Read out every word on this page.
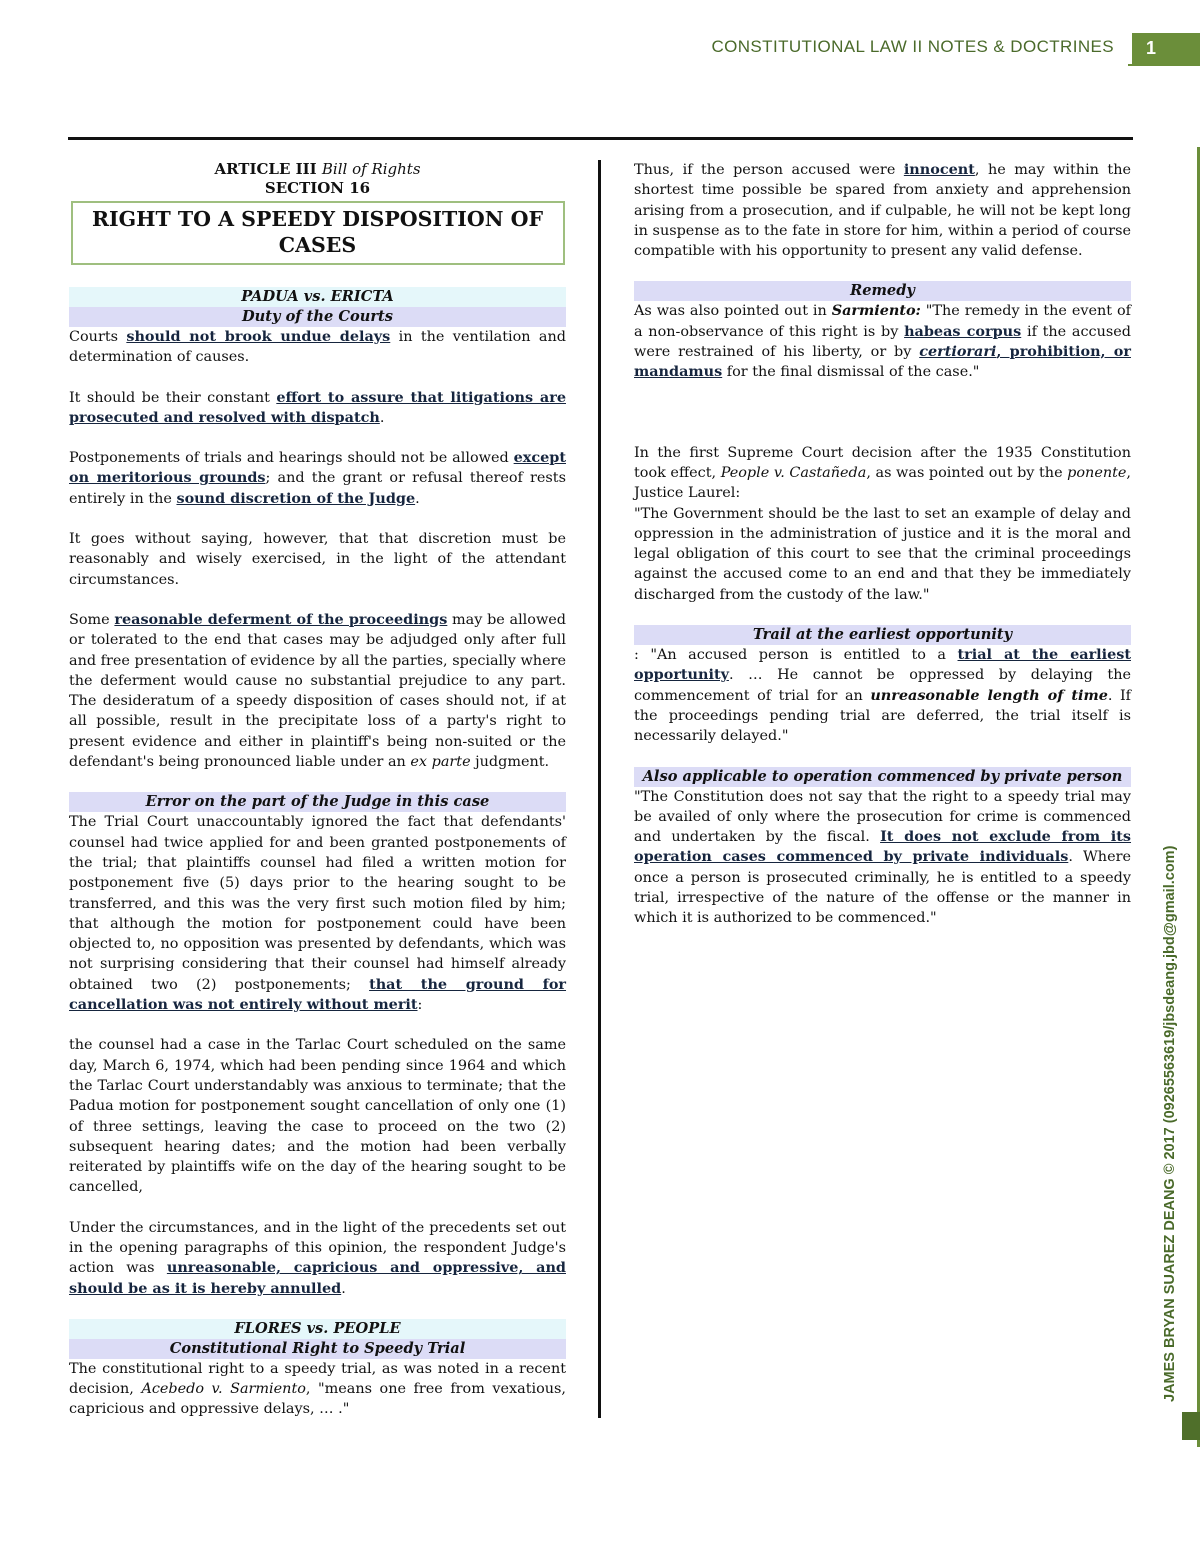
CONSTITUTIONAL LAW II NOTES & DOCTRINES	1
JAMES BRYAN SUAREZ DEANG © 2017 (09265563619/jbsdeang.jbd@gmail.com)
ARTICLE III Bill of Rights
SECTION 16
RIGHT TO A SPEEDY DISPOSITION OF CASES
PADUA vs. ERICTA
Duty of the Courts

Courts should not brook undue delays in the ventilation and determination of causes.

It should be their constant effort to assure that litigations are prosecuted and resolved with dispatch.

Postponements of trials and hearings should not be allowed except on meritorious grounds; and the grant or refusal thereof rests entirely in the sound discretion of the Judge.

It goes without saying, however, that that discretion must be reasonably and wisely exercised, in the light of the attendant circumstances.

Some reasonable deferment of the proceedings may be allowed or tolerated to the end that cases may be adjudged only after full and free presentation of evidence by all the parties, specially where the deferment would cause no substantial prejudice to any part. The desideratum of a speedy disposition of cases should not, if at all possible, result in the precipitate loss of a party's right to present evidence and either in plaintiff's being non-suited or the defendant's being pronounced liable under an ex parte judgment.

Error on the part of the Judge in this case

The Trial Court unaccountably ignored the fact that defendants' counsel had twice applied for and been granted postponements of the trial; that plaintiffs counsel had filed a written motion for postponement five (5) days prior to the hearing sought to be transferred, and this was the very first such motion filed by him; that although the motion for postponement could have been objected to, no opposition was presented by defendants, which was not surprising considering that their counsel had himself already obtained two (2) postponements; that the ground for cancellation was not entirely without merit:

the counsel had a case in the Tarlac Court scheduled on the same day, March 6, 1974, which had been pending since 1964 and which the Tarlac Court understandably was anxious to terminate; that the Padua motion for postponement sought cancellation of only one (1) of three settings, leaving the case to proceed on the two (2) subsequent hearing dates; and the motion had been verbally reiterated by plaintiffs wife on the day of the hearing sought to be cancelled,

Under the circumstances, and in the light of the precedents set out in the opening paragraphs of this opinion, the respondent Judge's action was unreasonable, capricious and oppressive, and should be as it is hereby annulled.

FLORES vs. PEOPLE
Constitutional Right to Speedy Trial

The constitutional right to a speedy trial, as was noted in a recent decision, Acebedo v. Sarmiento, "means one free from vexatious, capricious and oppressive delays, … ."

Thus, if the person accused were innocent, he may within the shortest time possible be spared from anxiety and apprehension arising from a prosecution, and if culpable, he will not be kept long in suspense as to the fate in store for him, within a period of course compatible with his opportunity to present any valid defense.

Remedy

As was also pointed out in Sarmiento: "The remedy in the event of a non-observance of this right is by habeas corpus if the accused were restrained of his liberty, or by certiorari, prohibition, or mandamus for the final dismissal of the case."

In the first Supreme Court decision after the 1935 Constitution took effect, People v. Castañeda, as was pointed out by the ponente, Justice Laurel:

"The Government should be the last to set an example of delay and oppression in the administration of justice and it is the moral and legal obligation of this court to see that the criminal proceedings against the accused come to an end and that they be immediately discharged from the custody of the law."

Trail at the earliest opportunity

: "An accused person is entitled to a trial at the earliest opportunity. … He cannot be oppressed by delaying the commencement of trial for an unreasonable length of time. If the proceedings pending trial are deferred, the trial itself is necessarily delayed."

Also applicable to operation commenced by private person

"The Constitution does not say that the right to a speedy trial may be availed of only where the prosecution for crime is commenced and undertaken by the fiscal. It does not exclude from its operation cases commenced by private individuals. Where once a person is prosecuted criminally, he is entitled to a speedy trial, irrespective of the nature of the offense or the manner in which it is authorized to be commenced."
